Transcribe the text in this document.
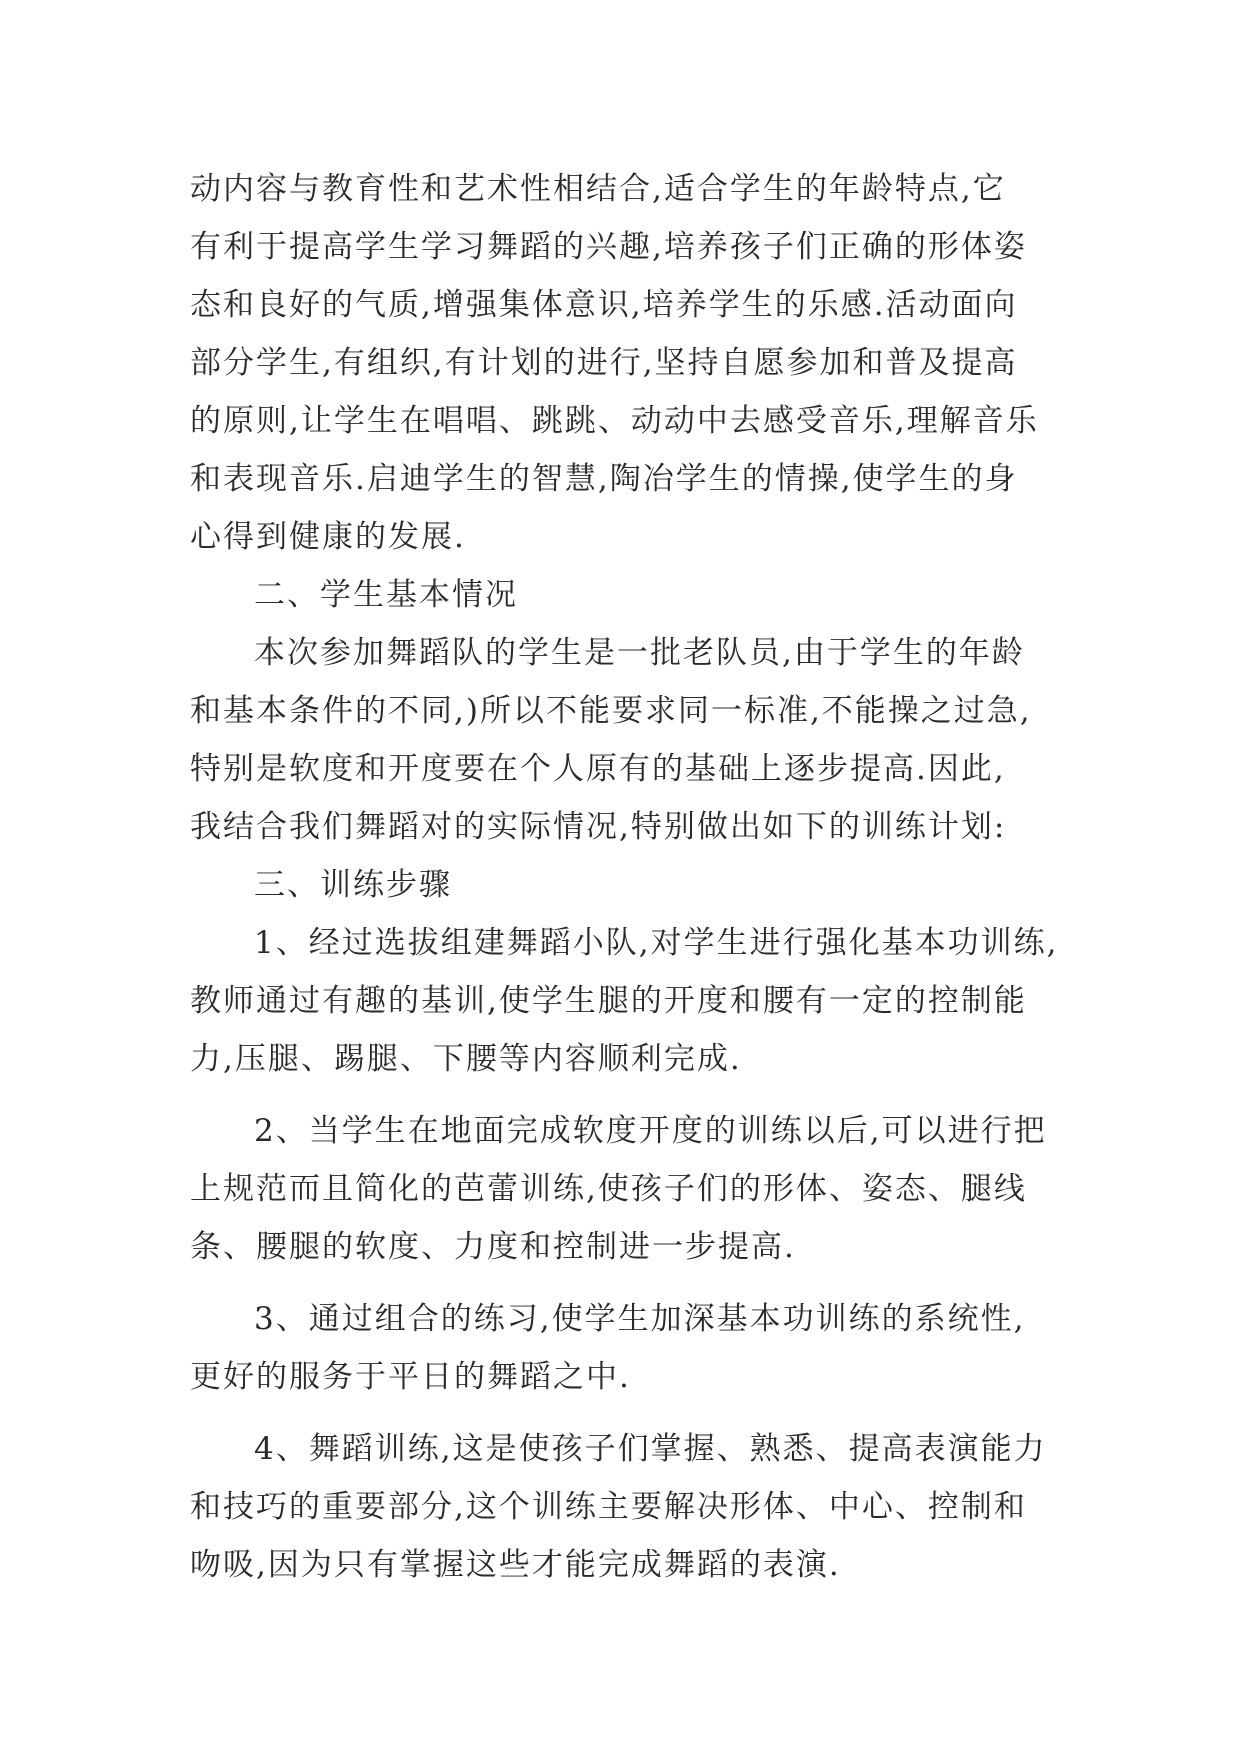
动内容与教育性和艺术性相结合,适合学生的年龄特点,它
有利于提高学生学习舞蹈的兴趣,培养孩子们正确的形体姿
态和良好的气质,增强集体意识,培养学生的乐感.活动面向
部分学生,有组织,有计划的进行,坚持自愿参加和普及提高
的原则,让学生在唱唱、跳跳、动动中去感受音乐,理解音乐
和表现音乐.启迪学生的智慧,陶冶学生的情操,使学生的身
心得到健康的发展.
二、学生基本情况
本次参加舞蹈队的学生是一批老队员,由于学生的年龄
和基本条件的不同,)所以不能要求同一标准,不能操之过急,
特别是软度和开度要在个人原有的基础上逐步提高.因此,
我结合我们舞蹈对的实际情况,特别做出如下的训练计划:
三、训练步骤
1、经过选拔组建舞蹈小队,对学生进行强化基本功训练,
教师通过有趣的基训,使学生腿的开度和腰有一定的控制能
力,压腿、踢腿、下腰等内容顺利完成.
2、当学生在地面完成软度开度的训练以后,可以进行把
上规范而且简化的芭蕾训练,使孩子们的形体、姿态、腿线
条、腰腿的软度、力度和控制进一步提高.
3、通过组合的练习,使学生加深基本功训练的系统性,
更好的服务于平日的舞蹈之中.
4、舞蹈训练,这是使孩子们掌握、熟悉、提高表演能力
和技巧的重要部分,这个训练主要解决形体、中心、控制和
吻吸,因为只有掌握这些才能完成舞蹈的表演.
